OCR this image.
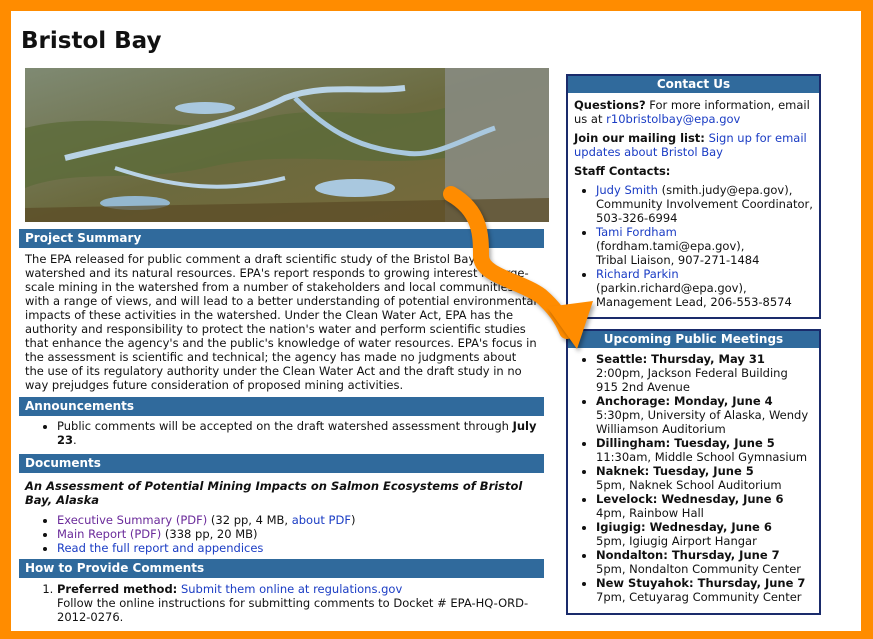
Bristol Bay
Project Summary

The EPA released for public comment a draft scientific study of the Bristol Bay watershed and its natural resources. EPA's report responds to growing interest in large-scale mining in the watershed from a number of stakeholders and local communities with a range of views, and will lead to a better understanding of potential environmental impacts of these activities in the watershed. Under the Clean Water Act, EPA has the authority and responsibility to protect the nation's water and perform scientific studies that enhance the agency's and the public's knowledge of water resources. EPA's focus in the assessment is scientific and technical; the agency has made no judgments about the use of its regulatory authority under the Clean Water Act and the draft study in no way prejudges future consideration of proposed mining activities.

Announcements
• Public comments will be accepted on the draft watershed assessment through July 23.
Documents

An Assessment of Potential Mining Impacts on Salmon Ecosystems of Bristol Bay, Alaska

• Executive Summary (PDF) (32 pp, 4 MB, about PDF)
• Main Report (PDF) (338 pp, 20 MB)
• Read the full report and appendices
How to Provide Comments
1. Preferred method: Submit them online at regulations.gov
Follow the online instructions for submitting comments to Docket # EPA-HQ-ORD-2012-0276.
Contact Us

Questions? For more information, email us at r10bristolbay@epa.gov

Join our mailing list: Sign up for email updates about Bristol Bay

Staff Contacts:

• Judy Smith (smith.judy@epa.gov),
Community Involvement Coordinator,
503-326-6994
• Tami Fordham
(fordham.tami@epa.gov),
Tribal Liaison, 907-271-1484
• Richard Parkin
(parkin.richard@epa.gov),
Management Lead, 206-553-8574
Upcoming Public Meetings
• Seattle: Thursday, May 31
2:00pm, Jackson Federal Building 915 2nd Avenue
• Anchorage: Monday, June 4
5:30pm, University of Alaska, Wendy Williamson Auditorium
• Dillingham: Tuesday, June 5
11:30am, Middle School Gymnasium
• Naknek: Tuesday, June 5
5pm, Naknek School Auditorium
• Levelock: Wednesday, June 6
4pm, Rainbow Hall
• Igiugig: Wednesday, June 6
5pm, Igiugig Airport Hangar
• Nondalton: Thursday, June 7
5pm, Nondalton Community Center
• New Stuyahok: Thursday, June 7
7pm, Cetuyarag Community Center
